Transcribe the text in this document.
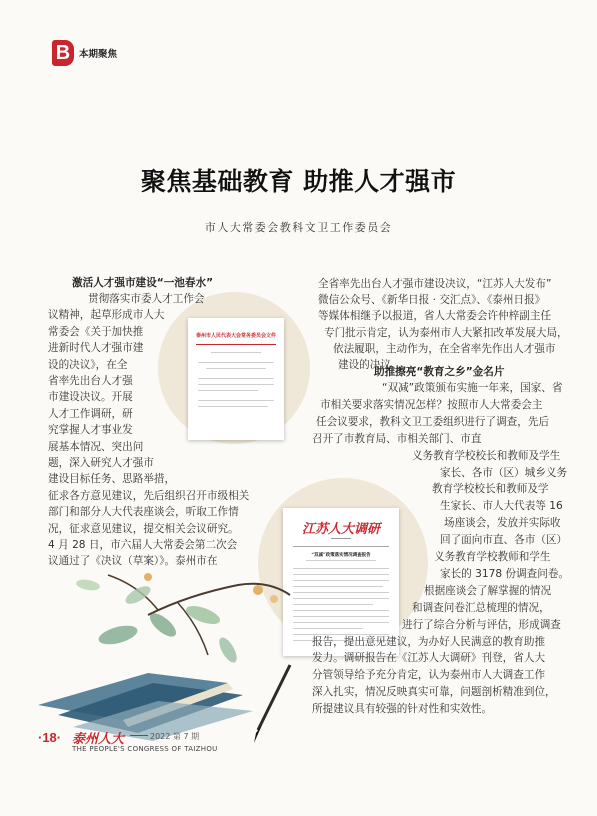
B 本期聚焦
聚焦基础教育 助推人才强市
市人大常委会教科文卫工作委员会
泰州市人民代表大会常务委员会文件
江苏人大调研
“双减”政策落实情况调查报告
激活人才强市建设“一池春水”
贯彻落实市委人才工作会
议精神，起草形成市人大
常委会《关于加快推
进新时代人才强市建
设的决议》，在全
省率先出台人才强
市建设决议。开展
人才工作调研，研
究掌握人才事业发
展基本情况、突出问
题，深入研究人才强市
建设目标任务、思路举措，
征求各方意见建议，先后组织召开市级相关
部门和部分人大代表座谈会，听取工作情
况，征求意见建议，提交相关会议研究。
4 月 28 日，市六届人大常委会第二次会
议通过了《决议（草案）》。泰州市在
全省率先出台人才强市建设决议，“江苏人大发布”
微信公众号、《新华日报 · 交汇点》、《泰州日报》
等媒体相继予以报道，省人大常委会许仲梓副主任
专门批示肯定，认为泰州市人大紧扣改革发展大局，
依法履职，主动作为，在全省率先作出人才强市
建设的决议。
助推擦亮“教育之乡”金名片
“双减”政策颁布实施一年来，国家、省
市相关要求落实情况怎样？按照市人大常委会主
任会议要求，教科文卫工委组织进行了调查，先后
召开了市教育局、市相关部门、市直
义务教育学校校长和教师及学生
家长、各市（区）城乡义务
教育学校校长和教师及学
生家长、市人大代表等 16
场座谈会，发放并实际收
回了面向市直、各市（区）
义务教育学校教师和学生
家长的 3178 份调查问卷。
根据座谈会了解掌握的情况
和调查问卷汇总梳理的情况，
进行了综合分析与评估，形成调查
报告，提出意见建议，为办好人民满意的教育助推
发力。调研报告在《江苏人大调研》刊登，省人大
分管领导给予充分肯定，认为泰州市人大调查工作
深入扎实，情况反映真实可靠，问题剖析精准到位，
所提建议具有较强的针对性和实效性。
·18· 泰州人大	2022 第 7 期
THE PEOPLE'S CONGRESS OF TAIZHOU
